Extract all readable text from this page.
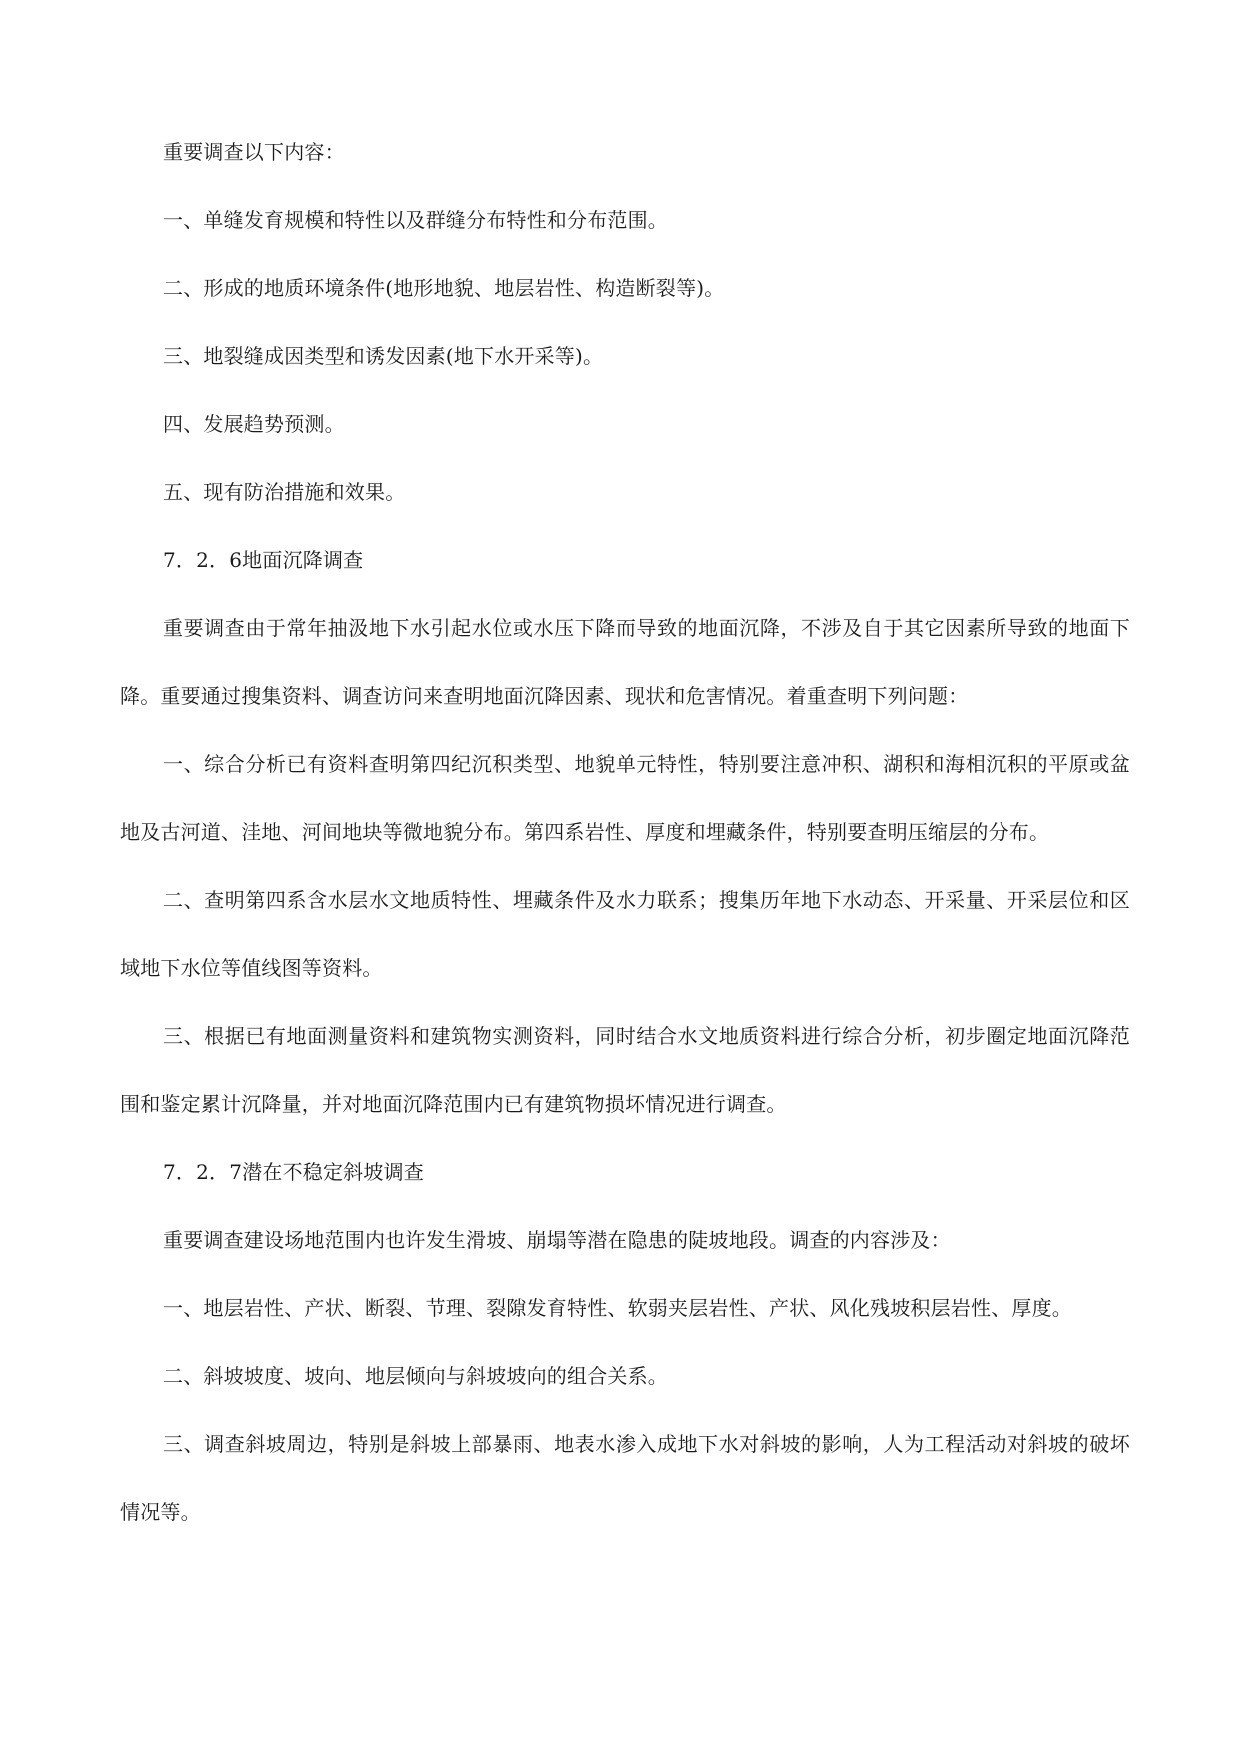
重要调查以下内容：

一、单缝发育规模和特性以及群缝分布特性和分布范围。

二、形成的地质环境条件(地形地貌、地层岩性、构造断裂等)。

三、地裂缝成因类型和诱发因素(地下水开采等)。

四、发展趋势预测。

五、现有防治措施和效果。

7．2．6地面沉降调查

重要调查由于常年抽汲地下水引起水位或水压下降而导致的地面沉降，不涉及自于其它因素所导致的地面下降。重要通过搜集资料、调查访问来查明地面沉降因素、现状和危害情况。着重查明下列问题：

一、综合分析已有资料查明第四纪沉积类型、地貌单元特性，特别要注意冲积、湖积和海相沉积的平原或盆地及古河道、洼地、河间地块等微地貌分布。第四系岩性、厚度和埋藏条件，特别要查明压缩层的分布。

二、查明第四系含水层水文地质特性、埋藏条件及水力联系；搜集历年地下水动态、开采量、开采层位和区域地下水位等值线图等资料。

三、根据已有地面测量资料和建筑物实测资料，同时结合水文地质资料进行综合分析，初步圈定地面沉降范围和鉴定累计沉降量，并对地面沉降范围内已有建筑物损坏情况进行调查。

7．2．7潜在不稳定斜坡调查

重要调查建设场地范围内也许发生滑坡、崩塌等潜在隐患的陡坡地段。调查的内容涉及：

一、地层岩性、产状、断裂、节理、裂隙发育特性、软弱夹层岩性、产状、风化残坡积层岩性、厚度。

二、斜坡坡度、坡向、地层倾向与斜坡坡向的组合关系。

三、调查斜坡周边，特别是斜坡上部暴雨、地表水渗入成地下水对斜坡的影响，人为工程活动对斜坡的破坏情况等。
